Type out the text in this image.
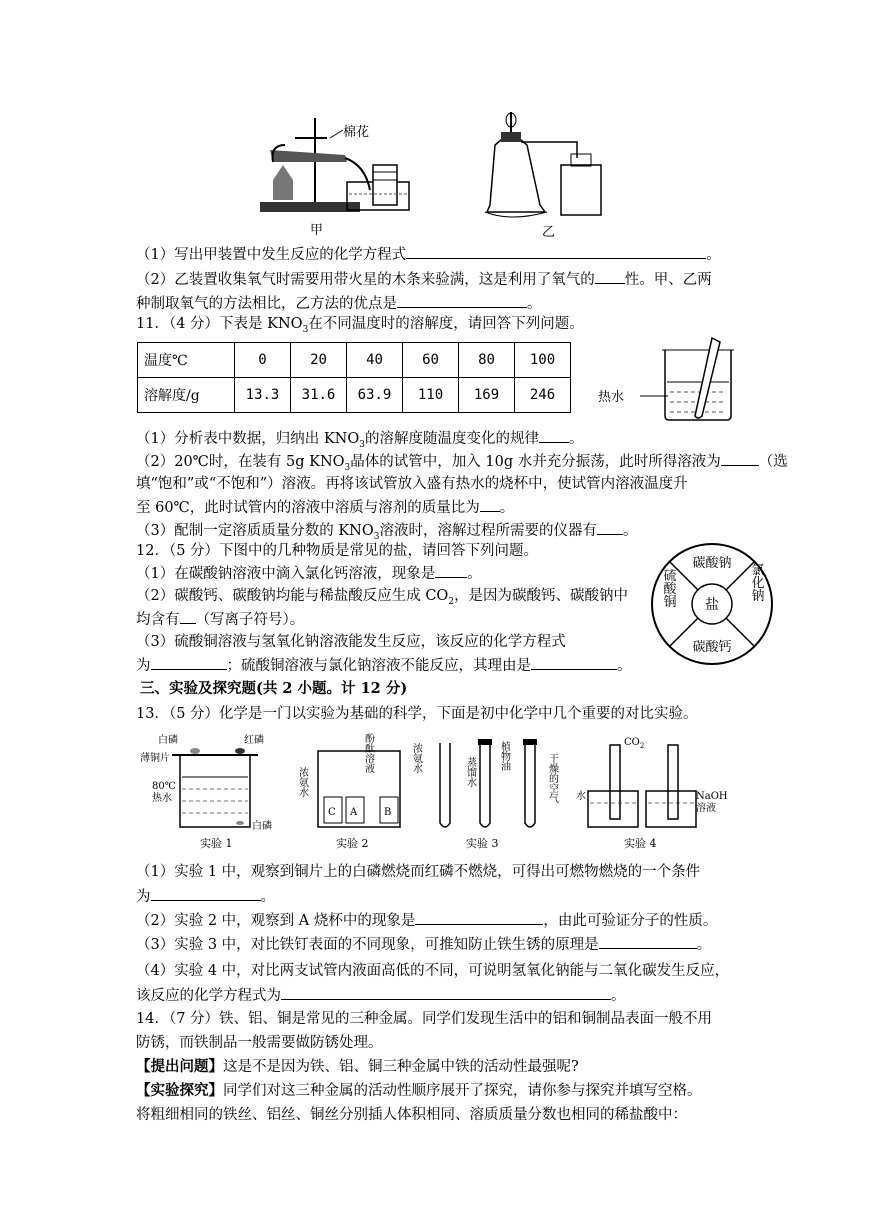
棉花
甲	乙
（1）写出甲装置中发生反应的化学方程式	。
（2）乙装置收集氧气时需要用带火星的木条来验满，这是利用了氧气的 性。甲、乙两
种制取氧气的方法相比，乙方法的优点是	。
11．（4 分）下表是 $KNO_3$在不同温度时的溶解度，请回答下列问题。
温度℃	0	20	40	60	80	100
溶解度/g	13.3	31.6	63.9	110	169	246	热水
（1）分析表中数据，归纳出 $KNO_3$的溶解度随温度变化的规律 。
（2）20℃时，在装有 5g $KNO_3$晶体的试管中，加入 10g 水并充分振荡，此时所得溶液为	（选
填“饱和”或“不饱和”）溶液。再将该试管放入盛有热水的烧杯中，使试管内溶液温度升
至 60℃，此时试管内的溶液中溶质与溶剂的质量比为 。
（3）配制一定溶质质量分数的 $KNO_3$溶液时，溶解过程所需要的仪器有 。
12．（5 分）下图中的几种物质是常见的盐，请回答下列问题。
（1）在碳酸钠溶液中滴入氯化钙溶液，现象是 。
（2）碳酸钙、碳酸钠均能与稀盐酸反应生成 $CO_2$，是因为碳酸钙、碳酸钠中
均含有 （写离子符号）。
（3）硫酸铜溶液与氢氧化钠溶液能发生反应，该反应的化学方程式
为	；硫酸铜溶液与氯化钠溶液不能反应，其理由是	。
盐
碳酸钠
碳酸钙
硫酸铜	氯化钠
三、实验及探究题(共 2 小题。计 12 分)
13．（5 分）化学是一门以实验为基础的科学，下面是初中化学中几个重要的对比实验。
白磷	红磷
薄铜片
80℃
热水
白磷
实验 1
C A	B
浓氨水
酚酞溶液	浓氨水
实验 2
蒸馏水
植物油	干燥的空气
实验 3
$CO_2$
水	NaOH
溶液
实验 4
（1）实验 1 中，观察到铜片上的白磷燃烧而红磷不燃烧，可得出可燃物燃烧的一个条件
为	。
（2）实验 2 中，观察到 A 烧杯中的现象是	，由此可验证分子的性质。
（3）实验 3 中，对比铁钉表面的不同现象，可推知防止铁生锈的原理是	。
（4）实验 4 中，对比两支试管内液面高低的不同，可说明氢氧化钠能与二氧化碳发生反应，
该反应的化学方程式为	。
14．（7 分）铁、铝、铜是常见的三种金属。同学们发现生活中的铝和铜制品表面一般不用
防锈，而铁制品一般需要做防锈处理。
【提出问题】这是不是因为铁、铝、铜三种金属中铁的活动性最强呢?
【实验探究】同学们对这三种金属的活动性顺序展开了探究，请你参与探究并填写空格。
将粗细相同的铁丝、铝丝、铜丝分别插人体积相同、溶质质量分数也相同的稀盐酸中：
